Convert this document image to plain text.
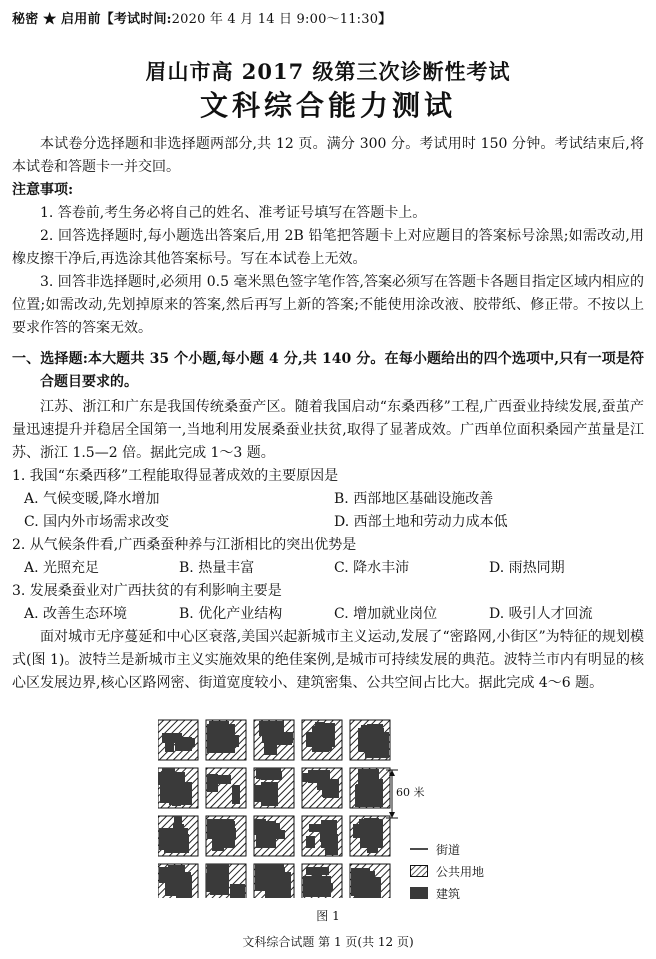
秘密 ★ 启用前【考试时间:2020 年 4 月 14 日 9:00～11:30】
眉山市高 2017 级第三次诊断性考试
文科综合能力测试
本试卷分选择题和非选择题两部分,共 12 页。满分 300 分。考试用时 150 分钟。考试结束后,将本试卷和答题卡一并交回。
注意事项:
1. 答卷前,考生务必将自己的姓名、准考证号填写在答题卡上。
2. 回答选择题时,每小题选出答案后,用 2B 铅笔把答题卡上对应题目的答案标号涂黑;如需改动,用橡皮擦干净后,再选涂其他答案标号。写在本试卷上无效。
3. 回答非选择题时,必须用 0.5 毫米黑色签字笔作答,答案必须写在答题卡各题目指定区域内相应的位置;如需改动,先划掉原来的答案,然后再写上新的答案;不能使用涂改液、胶带纸、修正带。不按以上要求作答的答案无效。
一、选择题:本大题共 35 个小题,每小题 4 分,共 140 分。在每小题给出的四个选项中,只有一项是符合题目要求的。
江苏、浙江和广东是我国传统桑蚕产区。随着我国启动“东桑西移”工程,广西蚕业持续发展,蚕茧产量迅速提升并稳居全国第一,当地利用发展桑蚕业扶贫,取得了显著成效。广西单位面积桑园产茧量是江苏、浙江 1.5—2 倍。据此完成 1～3 题。
1. 我国“东桑西移”工程能取得显著成效的主要原因是
A. 气候变暖,降水增加	B. 西部地区基础设施改善
C. 国内外市场需求改变	D. 西部土地和劳动力成本低
2. 从气候条件看,广西桑蚕种养与江浙相比的突出优势是
A. 光照充足	B. 热量丰富	C. 降水丰沛	D. 雨热同期
3. 发展桑蚕业对广西扶贫的有利影响主要是
A. 改善生态环境	B. 优化产业结构	C. 增加就业岗位	D. 吸引人才回流
面对城市无序蔓延和中心区衰落,美国兴起新城市主义运动,发展了“密路网,小街区”为特征的规划模式(图 1)。波特兰是新城市主义实施效果的绝佳案例,是城市可持续发展的典范。波特兰市内有明显的核心区发展边界,核心区路网密、街道宽度较小、建筑密集、公共空间占比大。据此完成 4～6 题。
60 米
街道
公共用地
建筑
图 1
文科综合试题 第 1 页(共 12 页)
